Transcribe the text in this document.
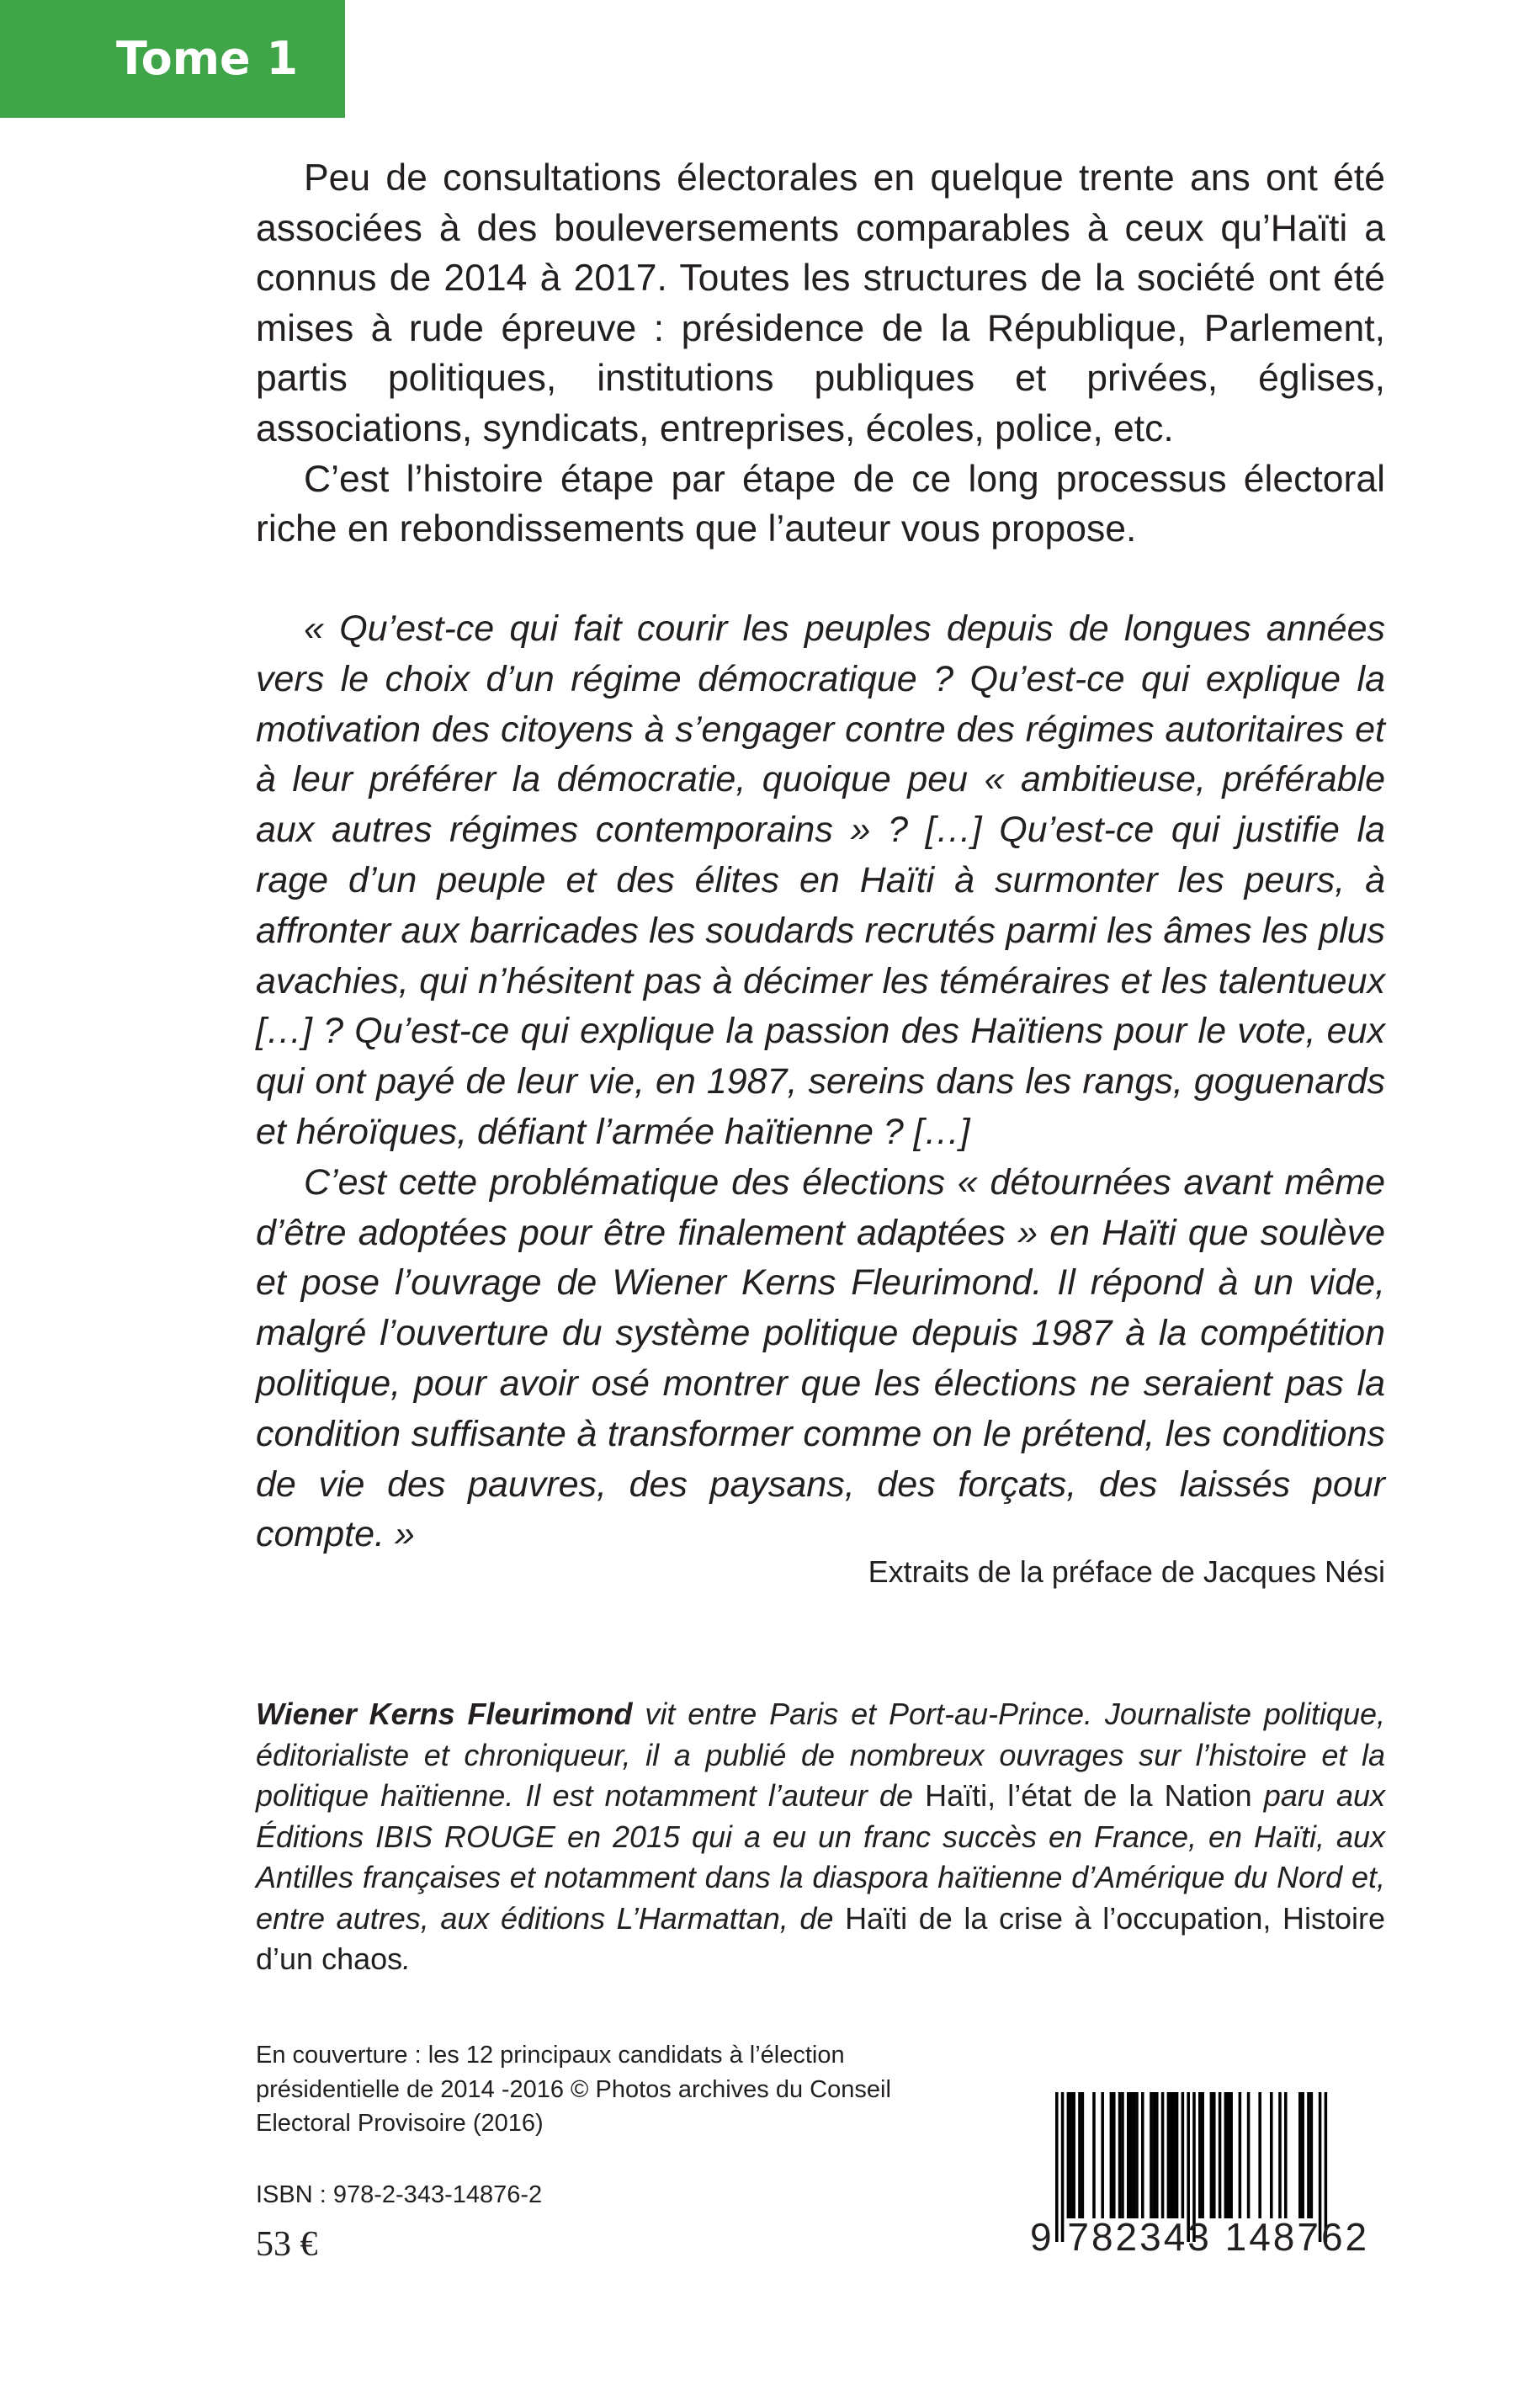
Tome 1

Peu de consultations électorales en quelque trente ans ont été associées à des bouleversements comparables à ceux qu’Haïti a connus de 2014 à 2017. Toutes les structures de la société ont été mises à rude épreuve : présidence de la République, Parlement, partis politiques, institutions publiques et privées, églises, associations, syndicats, entreprises, écoles, police, etc.

C’est l’histoire étape par étape de ce long processus électoral riche en rebondissements que l’auteur vous propose.

« Qu’est-ce qui fait courir les peuples depuis de longues années vers le choix d’un régime démocratique ? Qu’est-ce qui explique la motivation des citoyens à s’engager contre des régimes autoritaires et à leur préférer la démocratie, quoique peu « ambitieuse, préférable aux autres régimes contemporains » ? […] Qu’est-ce qui justifie la rage d’un peuple et des élites en Haïti à surmonter les peurs, à affronter aux barricades les soudards recrutés parmi les âmes les plus avachies, qui n’hésitent pas à décimer les téméraires et les talentueux […] ? Qu’est-ce qui explique la passion des Haïtiens pour le vote, eux qui ont payé de leur vie, en 1987, sereins dans les rangs, goguenards et héroïques, défiant l’armée haïtienne ? […]

C’est cette problématique des élections « détournées avant même d’être adoptées pour être finalement adaptées » en Haïti que soulève et pose l’ouvrage de Wiener Kerns Fleurimond. Il répond à un vide, malgré l’ouverture du système politique depuis 1987 à la compétition politique, pour avoir osé montrer que les élections ne seraient pas la condition suffisante à transformer comme on le prétend, les conditions de vie des pauvres, des paysans, des forçats, des laissés pour compte. »

Extraits de la préface de Jacques Nési

Wiener Kerns Fleurimond vit entre Paris et Port-au-Prince. Journaliste politique, éditorialiste et chroniqueur, il a publié de nombreux ouvrages sur l’histoire et la politique haïtienne. Il est notamment l’auteur de Haïti, l’état de la Nation paru aux Éditions IBIS ROUGE en 2015 qui a eu un franc succès en France, en Haïti, aux Antilles françaises et notamment dans la diaspora haïtienne d’Amérique du Nord et, entre autres, aux éditions L’Harmattan, de Haïti de la crise à l’occupation, Histoire d’un chaos.

En couverture : les 12 principaux candidats à l’élection
présidentielle de 2014 -2016 © Photos archives du Conseil
Electoral Provisoire (2016)
ISBN : 978-2-343-14876-2
53 €	9 782343 148762
